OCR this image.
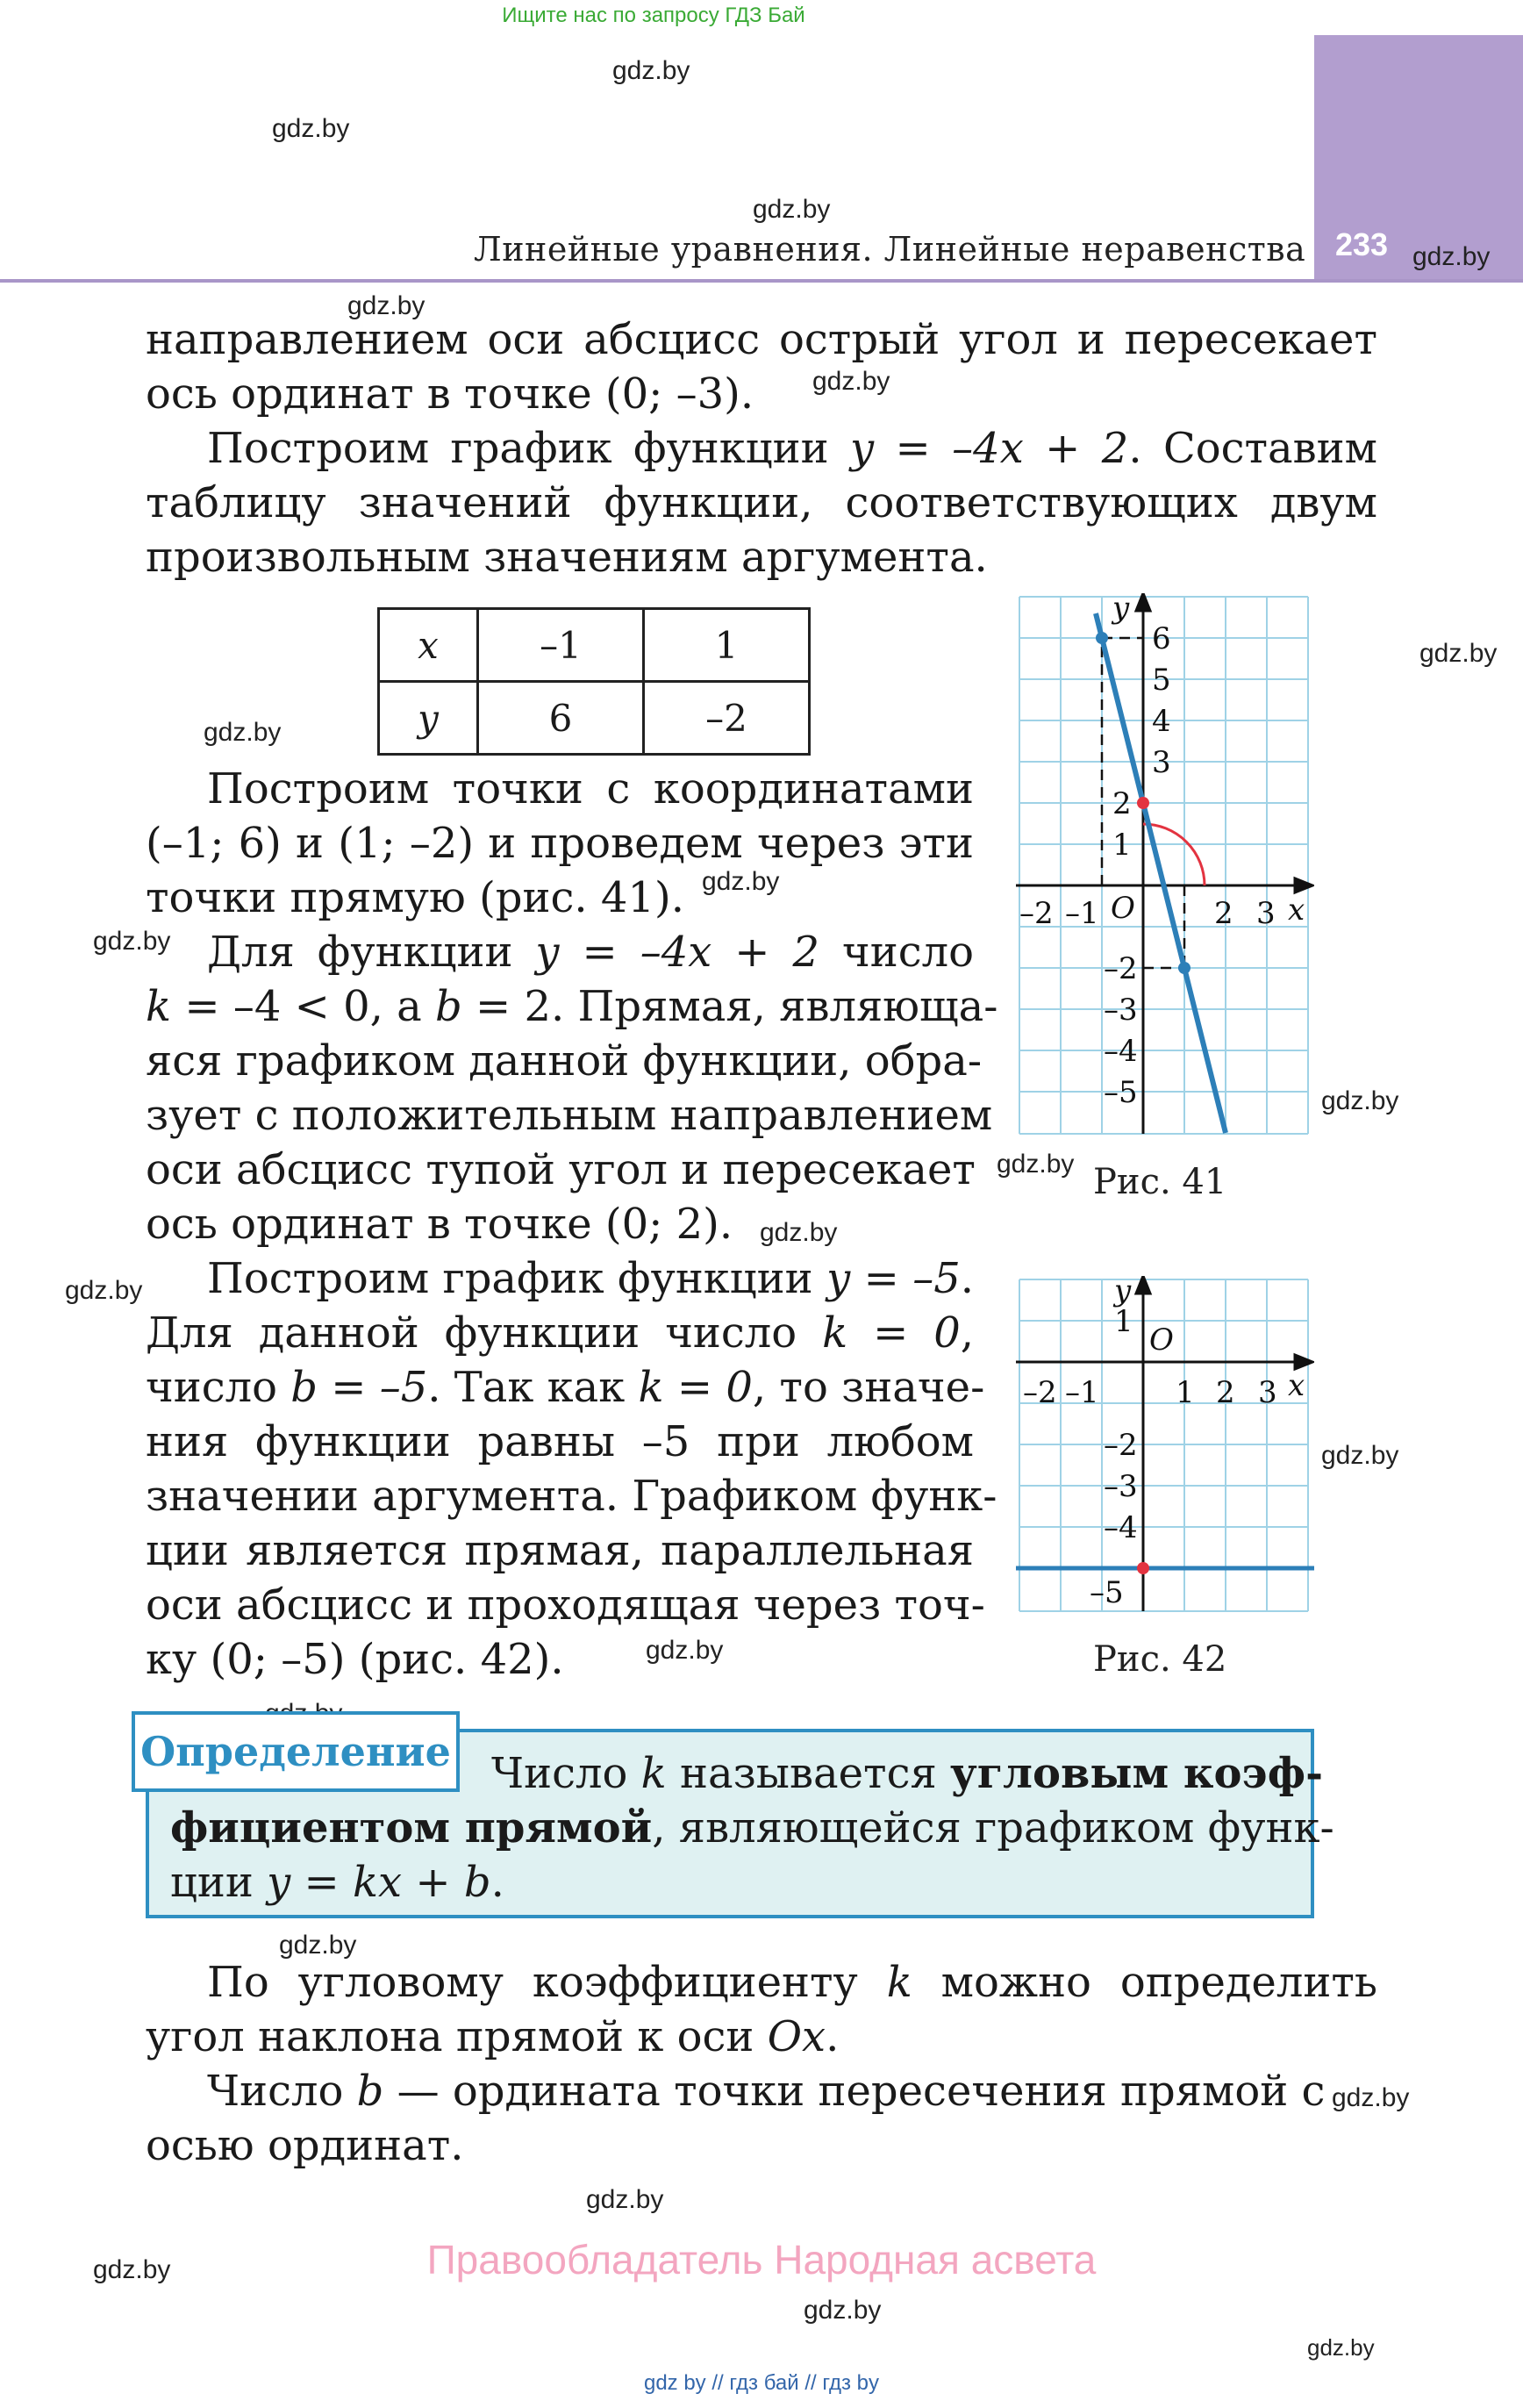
Ищите нас по запросу ГДЗ Бай
233
Линейные уравнения. Линейные неравенства
gdz.by
gdz.by
gdz.by
gdz.by
gdz.by
gdz.by
gdz.by
gdz.by
gdz.by
gdz.by
gdz.by
gdz.by
gdz.by
gdz.by
gdz.by
gdz.by
gdz.by
gdz.by
gdz.by
gdz.by
gdz.by
gdz.by
направлением оси абсцисс острый угол и пересекает
ось ординат в точке (0; –3).
Построим график функции y = –4x + 2. Составим
таблицу значений функции, соответствующих двум
произвольным значениям аргумента.
x	–1	1
y	6	–2
Построим точки с координатами
(–1; 6) и (1; –2) и проведем через эти
точки прямую (рис. 41).
Для функции y = –4x + 2 число
k = –4 < 0, а b = 2. Прямая, являюща-
яся графиком данной функции, обра-
зует с положительным направлением
оси абсцисс тупой угол и пересекает
ось ординат в точке (0; 2).
Построим график функции y = –5.
Для данной функции число k = 0,
число b = –5. Так как k = 0, то значе-
ния функции равны –5 при любом
значении аргумента. Графиком функ-
ции является прямая, параллельная
оси абсцисс и проходящая через точ-
ку (0; –5) (рис. 42).
y
x
O
–2 –1	2 3
6
5
4
3
2
1
–2
–3
–4
–5
Рис. 41
y
x
O
–2 –1	1 2 3
1
–2
–3
–4
–5
Рис. 42
Определение Число k называется угловым коэф-
фициентом прямой, являющейся графиком функ-
ции y = kx + b.
По угловому коэффициенту k можно определить
угол наклона прямой к оси Ox.
Число b — ордината точки пересечения прямой с
осью ординат.
Правообладатель Народная асвета
gdz by // гдз бай // гдз by
